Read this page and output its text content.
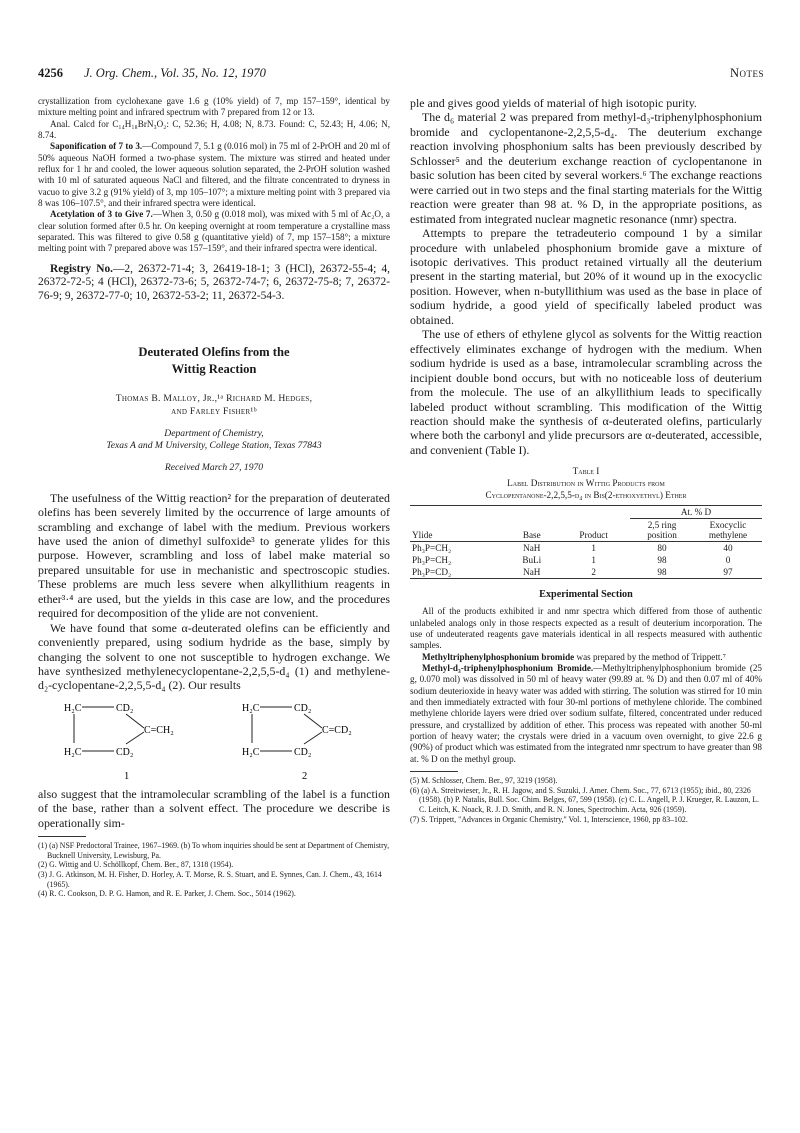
4256 J. Org. Chem., Vol. 35, No. 12, 1970	Notes

crystallization from cyclohexane gave 1.6 g (10% yield) of 7, mp 157–159°, identical by mixture melting point and infrared spectrum with 7 prepared from 12 or 13.

Anal. Calcd for C₁₄H₁₈BrN₃O₂: C, 52.36; H, 4.08; N, 8.73. Found: C, 52.43; H, 4.06; N, 8.74.

Saponification of 7 to 3.—Compound 7, 5.1 g (0.016 mol) in 75 ml of 2-PrOH and 20 ml of 50% aqueous NaOH formed a two-phase system. The mixture was stirred and heated under reflux for 1 hr and cooled, the lower aqueous solution separated, the 2-PrOH solution washed with 10 ml of saturated aqueous NaCl and filtered, and the filtrate concentrated to dryness in vacuo to give 3.2 g (91% yield) of 3, mp 105–107°; a mixture melting point with 3 prepared via 8 was 106–107.5°, and their infrared spectra were identical.

Acetylation of 3 to Give 7.—When 3, 0.50 g (0.018 mol), was mixed with 5 ml of Ac₂O, a clear solution formed after 0.5 hr. On keeping overnight at room temperature a crystalline mass separated. This was filtered to give 0.58 g (quantitative yield) of 7, mp 157–158°; a mixture melting point with 7 prepared above was 157–159°, and their infrared spectra were identical.

Registry No.—2, 26372-71-4; 3, 26419-18-1; 3 (HCl), 26372-55-4; 4, 26372-72-5; 4 (HCl), 26372-73-6; 5, 26372-74-7; 6, 26372-75-8; 7, 26372-76-9; 9, 26372-77-0; 10, 26372-53-2; 11, 26372-54-3.

Deuterated Olefins from the
Wittig Reaction
Thomas B. Malloy, Jr.,¹ᵃ Richard M. Hedges,
and Farley Fisher¹ᵇ
Department of Chemistry,
Texas A and M University, College Station, Texas 77843
Received March 27, 1970

The usefulness of the Wittig reaction² for the preparation of deuterated olefins has been severely limited by the occurrence of large amounts of scrambling and exchange of label with the medium. Previous workers have used the anion of dimethyl sulfoxide³ to generate ylides for this purpose. However, scrambling and loss of label make material so prepared unsuitable for use in mechanistic and spectroscopic studies. These problems are much less severe when alkyllithium reagents in ether³·⁴ are used, but the yields in this case are low, and the procedures required for decomposition of the ylide are not convenient.

We have found that some α-deuterated olefins can be efficiently and conveniently prepared, using sodium hydride as the base, simply by changing the solvent to one not susceptible to hydrogen exchange. We have synthesized methylenecyclopentane-2,2,5,5-d₄ (1) and methylene-d₂-cyclopentane-2,2,5,5-d₄ (2). Our results

H₂C	CD₂
H₂C	CD₂
C=CH₂
1
H₂C	CD₂
H₂C	CD₂
C=CD₂
2

also suggest that the intramolecular scrambling of the label is a function of the base, rather than a solvent effect. The procedure we describe is operationally sim-

(1) (a) NSF Predoctoral Trainee, 1967–1969. (b) To whom inquiries should be sent at Department of Chemistry, Bucknell University, Lewisburg, Pa.

(2) G. Wittig and U. Schöllkopf, Chem. Ber., 87, 1318 (1954).

(3) J. G. Atkinson, M. H. Fisher, D. Horley, A. T. Morse, R. S. Stuart, and E. Synnes, Can. J. Chem., 43, 1614 (1965).

(4) R. C. Cookson, D. P. G. Hamon, and R. E. Parker, J. Chem. Soc., 5014 (1962).

ple and gives good yields of material of high isotopic purity.

The d₆ material 2 was prepared from methyl-d₃-triphenylphosphonium bromide and cyclopentanone-2,2,5,5-d₄. The deuterium exchange reaction involving phosphonium salts has been previously described by Schlosser⁵ and the deuterium exchange reaction of cyclopentanone in basic solution has been cited by several workers.⁶ The exchange reactions were carried out in two steps and the final starting materials for the Wittig reaction were greater than 98 at. % D, in the appropriate positions, as estimated from integrated nuclear magnetic resonance (nmr) spectra.

Attempts to prepare the tetradeuterio compound 1 by a similar procedure with unlabeled phosphonium bromide gave a mixture of isotopic derivatives. This product retained virtually all the deuterium present in the starting material, but 20% of it wound up in the exocyclic position. However, when n-butyllithium was used as the base in place of sodium hydride, a good yield of specifically labeled product was obtained.

The use of ethers of ethylene glycol as solvents for the Wittig reaction effectively eliminates exchange of hydrogen with the medium. When sodium hydride is used as a base, intramolecular scrambling across the incipient double bond occurs, but with no noticeable loss of deuterium from the molecule. The use of an alkyllithium leads to specifically labeled product without scrambling. This modification of the Wittig reaction should make the synthesis of α-deuterated olefins, particularly where both the carbonyl and ylide precursors are α-deuterated, accessible, and convenient (Table I).

Table I
Label Distribution in Wittig Products from
Cyclopentanone-2,2,5,5-d₄ in Bis(2-ethoxyethyl) Ether

			At. % D	
Ylide	Base	Product	2,5 ring position	Exocyclic methylene

Ph₃P=CH₂	NaH	1	80	40
Ph₃P=CH₂	BuLi	1	98	0
Ph₃P=CD₂	NaH	2	98	97

Experimental Section

All of the products exhibited ir and nmr spectra which differed from those of authentic unlabeled analogs only in those respects expected as a result of deuterium incorporation. The use of undeuterated reagents gave materials identical in all respects measured with authentic samples.

Methyltriphenylphosphonium bromide was prepared by the method of Trippett.⁷

Methyl-d₃-triphenylphosphonium Bromide.—Methyltriphenylphosphonium bromide (25 g, 0.070 mol) was dissolved in 50 ml of heavy water (99.89 at. % D) and then 0.07 ml of 40% sodium deuterioxide in heavy water was added with stirring. The solution was stirred for 10 min and then immediately extracted with four 30-ml portions of methylene chloride. The combined methylene chloride layers were dried over sodium sulfate, filtered, concentrated under reduced pressure, and crystallized by addition of ether. This process was repeated with another 50-ml portion of heavy water; the crystals were dried in a vacuum oven overnight, to give 22.6 g (90%) of product which was estimated from the integrated nmr spectrum to have greater than 98 at. % D on the methyl group.

(5) M. Schlosser, Chem. Ber., 97, 3219 (1958).

(6) (a) A. Streitwieser, Jr., R. H. Jagow, and S. Suzuki, J. Amer. Chem. Soc., 77, 6713 (1955); ibid., 80, 2326 (1958). (b) P. Natalis, Bull. Soc. Chim. Belges, 67, 599 (1958). (c) C. L. Angell, P. J. Krueger, R. Lauzon, L. C. Leitch, K. Noack, R. J. D. Smith, and R. N. Jones, Spectrochim. Acta, 926 (1959).

(7) S. Trippett, "Advances in Organic Chemistry," Vol. 1, Interscience, 1960, pp 83–102.
